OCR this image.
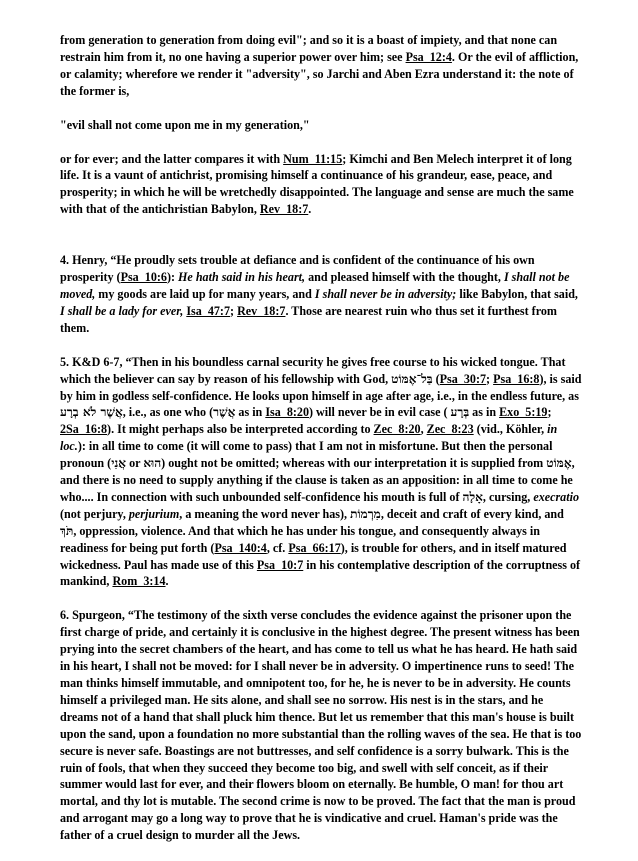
from generation to generation from doing evil"; and so it is a boast of impiety, and that none can restrain him from it, no one having a superior power over him; see Psa_12:4. Or the evil of affliction, or calamity; wherefore we render it "adversity", so Jarchi and Aben Ezra understand it: the note of the former is,

"evil shall not come upon me in my generation,"

or for ever; and the latter compares it with Num_11:15; Kimchi and Ben Melech interpret it of long life. It is a vaunt of antichrist, promising himself a continuance of his grandeur, ease, peace, and prosperity; in which he will be wretchedly disappointed. The language and sense are much the same with that of the antichristian Babylon, Rev_18:7.

4. Henry, “He proudly sets trouble at defiance and is confident of the continuance of his own prosperity (Psa_10:6): He hath said in his heart, and pleased himself with the thought, I shall not be moved, my goods are laid up for many years, and I shall never be in adversity; like Babylon, that said, I shall be a lady for ever, Isa_47:7; Rev_18:7. Those are nearest ruin who thus set it furthest from them.

5. K&D 6-7, “Then in his boundless carnal security he gives free course to his wicked tongue. That which the believer can say by reason of his fellowship with God, בַּל־אֶמּוֹט (Psa_30:7; Psa_16:8), is said by him in godless self-confidence. He looks upon himself in age after age, i.e., in the endless future, as אֲשֶׁר לֹא בְרָע, i.e., as one who (אֲשֶׁר as in Isa_8:20) will never be in evil case ( בְּרָע as in Exo_5:19; 2Sa_16:8). It might perhaps also be interpreted according to Zec_8:20, Zec_8:23 (vid., Köhler, in loc.): in all time to come (it will come to pass) that I am not in misfortune. But then the personal pronoun (אֲנִי or הוּא) ought not be omitted; whereas with our interpretation it is supplied from אֶמּוֹט, and there is no need to supply anything if the clause is taken as an apposition: in all time to come he who.... In connection with such unbounded self-confidence his mouth is full of אָלָה, cursing, execratio (not perjury, perjurium, a meaning the word never has), מִרְמוֹת, deceit and craft of every kind, and תֹּךְ, oppression, violence. And that which he has under his tongue, and consequently always in readiness for being put forth (Psa_140:4, cf. Psa_66:17), is trouble for others, and in itself matured wickedness. Paul has made use of this Psa_10:7 in his contemplative description of the corruptness of mankind, Rom_3:14.

6. Spurgeon, “The testimony of the sixth verse concludes the evidence against the prisoner upon the first charge of pride, and certainly it is conclusive in the highest degree. The present witness has been prying into the secret chambers of the heart, and has come to tell us what he has heard. He hath said in his heart, I shall not be moved: for I shall never be in adversity. O impertinence runs to seed! The man thinks himself immutable, and omnipotent too, for he, he is never to be in adversity. He counts himself a privileged man. He sits alone, and shall see no sorrow. His nest is in the stars, and he dreams not of a hand that shall pluck him thence. But let us remember that this man's house is built upon the sand, upon a foundation no more substantial than the rolling waves of the sea. He that is too secure is never safe. Boastings are not buttresses, and self confidence is a sorry bulwark. This is the ruin of fools, that when they succeed they become too big, and swell with self conceit, as if their summer would last for ever, and their flowers bloom on eternally. Be humble, O man! for thou art mortal, and thy lot is mutable. The second crime is now to be proved. The fact that the man is proud and arrogant may go a long way to prove that he is vindicative and cruel. Haman's pride was the father of a cruel design to murder all the Jews.
